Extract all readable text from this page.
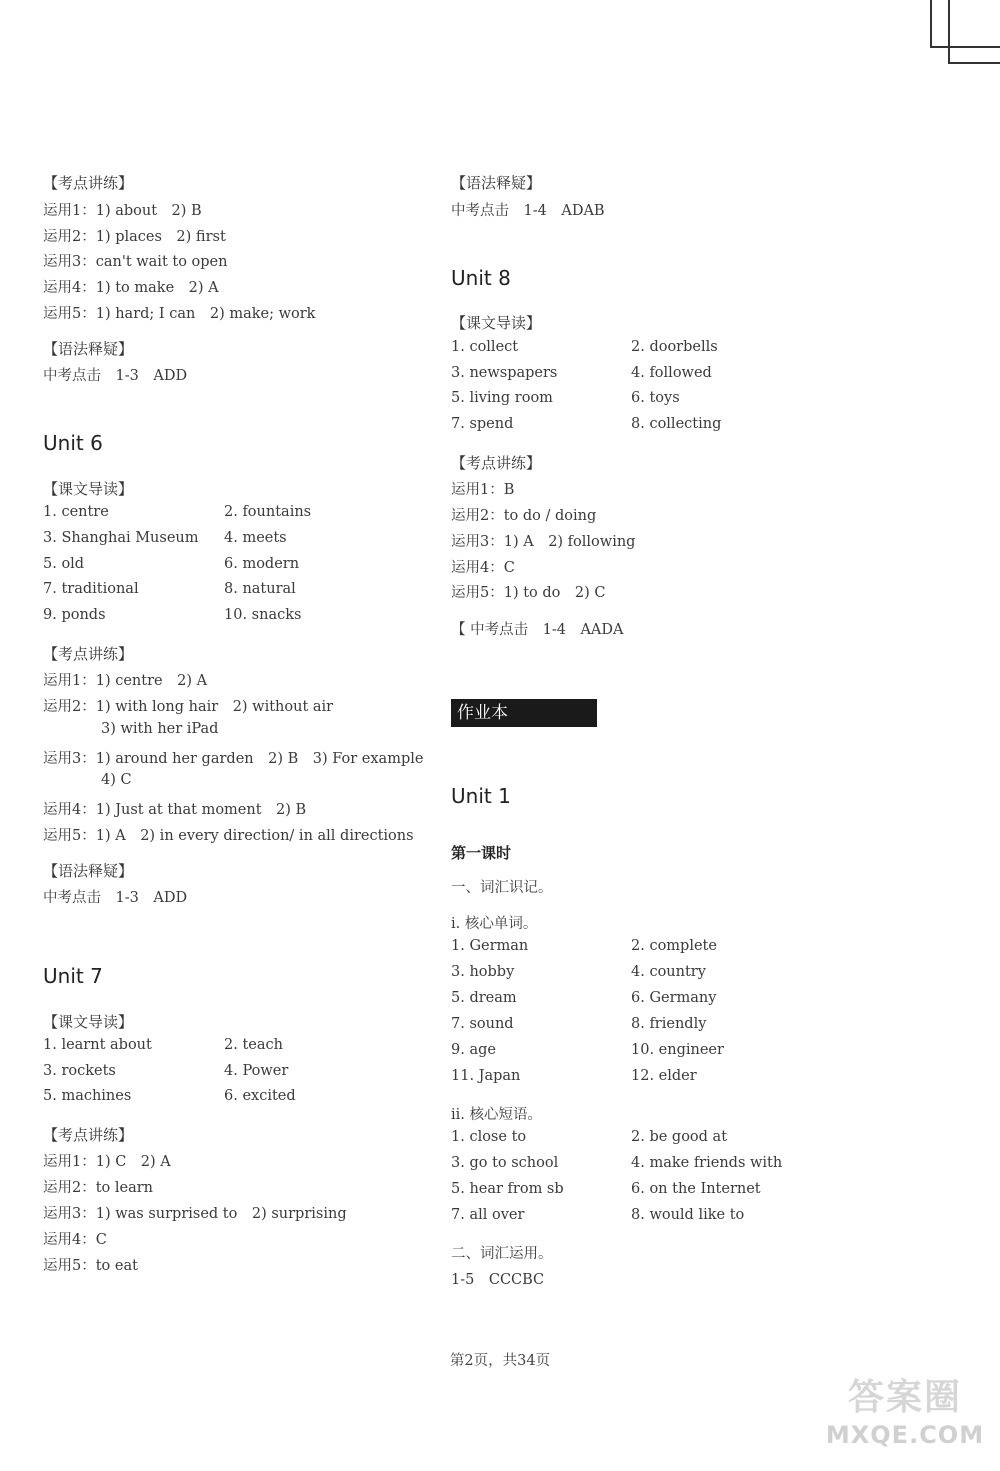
【考点讲练】
运用1：1) about　2) B
运用2：1) places　2) first
运用3：can't wait to open
运用4：1) to make　2) A
运用5：1) hard; I can　2) make; work
【语法释疑】
中考点击　1-3　ADD
Unit 6
【课文导读】
1. centre	2. fountains
3. Shanghai Museum 4. meets
5. old	6. modern
7. traditional	8. natural
9. ponds	10. snacks
【考点讲练】
运用1：1) centre　2) A
运用2：1) with long hair　2) without air
3) with her iPad
运用3：1) around her garden　2) B　3) For example
4) C
运用4：1) Just at that moment　2) B
运用5：1) A　2) in every direction/ in all directions
【语法释疑】
中考点击　1-3　ADD
Unit 7
【课文导读】
1. learnt about	2. teach
3. rockets	4. Power
5. machines	6. excited
【考点讲练】
运用1：1) C　2) A
运用2：to learn
运用3：1) was surprised to　2) surprising
运用4：C
运用5：to eat
【语法释疑】
中考点击　1-4　ADAB
Unit 8
【课文导读】
1. collect	2. doorbells
3. newspapers	4. followed
5. living room	6. toys
7. spend	8. collecting
【考点讲练】
运用1：B
运用2：to do / doing
运用3：1) A　2) following
运用4：C
运用5：1) to do　2) C
【 中考点击　1-4　AADA
Unit 1
第一课时
一、词汇识记。
i. 核心单词。
1. German	2. complete
3. hobby	4. country
5. dream	6. Germany
7. sound	8. friendly
9. age	10. engineer
11. Japan	12. elder
ii. 核心短语。
1. close to	2. be good at
3. go to school	4. make friends with
5. hear from sb	6. on the Internet
7. all over	8. would like to
二、词汇运用。
1-5　CCCBC
作业本
第2页，共34页
答案圈
MXQE.COM
